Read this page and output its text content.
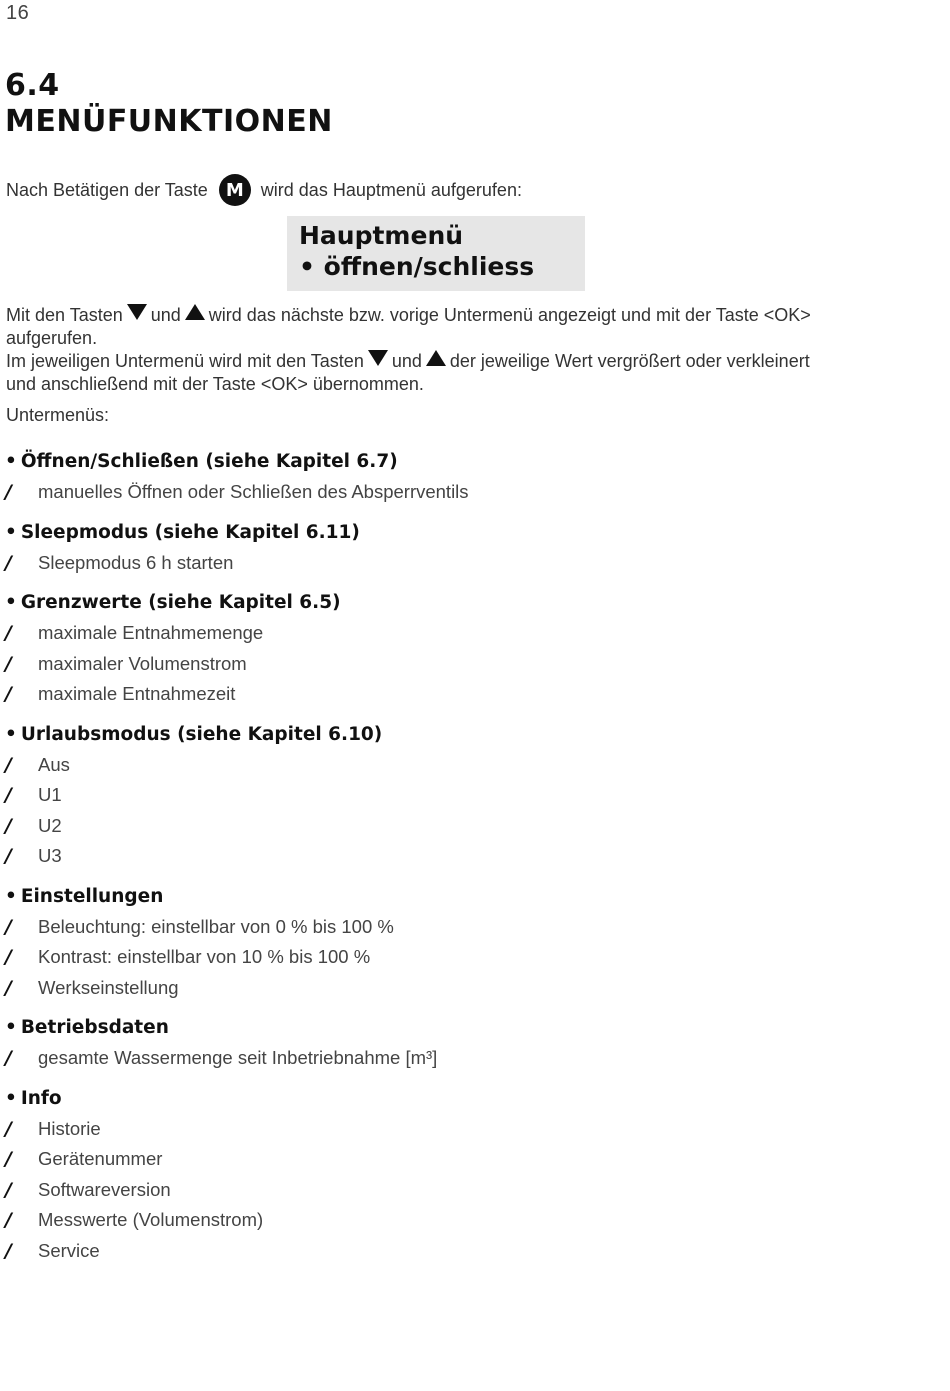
16
6.4
MENÜFUNKTIONEN
Nach Betätigen der Taste	M wird das Hauptmenü aufgerufen:
Hauptmenü
• öffnen/schliess
Mit den Tasten und wird das nächste bzw. vorige Untermenü angezeigt und mit der Taste <OK>
aufgerufen.
Im jeweiligen Untermenü wird mit den Tasten und der jeweilige Wert vergrößert oder verkleinert
und anschließend mit der Taste <OK> übernommen.
Untermenüs:
• Öffnen/Schließen (siehe Kapitel 6.7)
/ manuelles Öffnen oder Schließen des Absperrventils
• Sleepmodus (siehe Kapitel 6.11)
/ Sleepmodus 6 h starten
• Grenzwerte (siehe Kapitel 6.5)
/ maximale Entnahmemenge
/ maximaler Volumenstrom
/ maximale Entnahmezeit
• Urlaubsmodus (siehe Kapitel 6.10)
/ Aus
/ U1
/ U2
/ U3
• Einstellungen
/ Beleuchtung: einstellbar von 0 % bis 100 %
/ Kontrast: einstellbar von 10 % bis 100 %
/ Werkseinstellung
• Betriebsdaten
/ gesamte Wassermenge seit Inbetriebnahme [m³]
• Info
/ Historie
/ Gerätenummer
/ Softwareversion
/ Messwerte (Volumenstrom)
/ Service
